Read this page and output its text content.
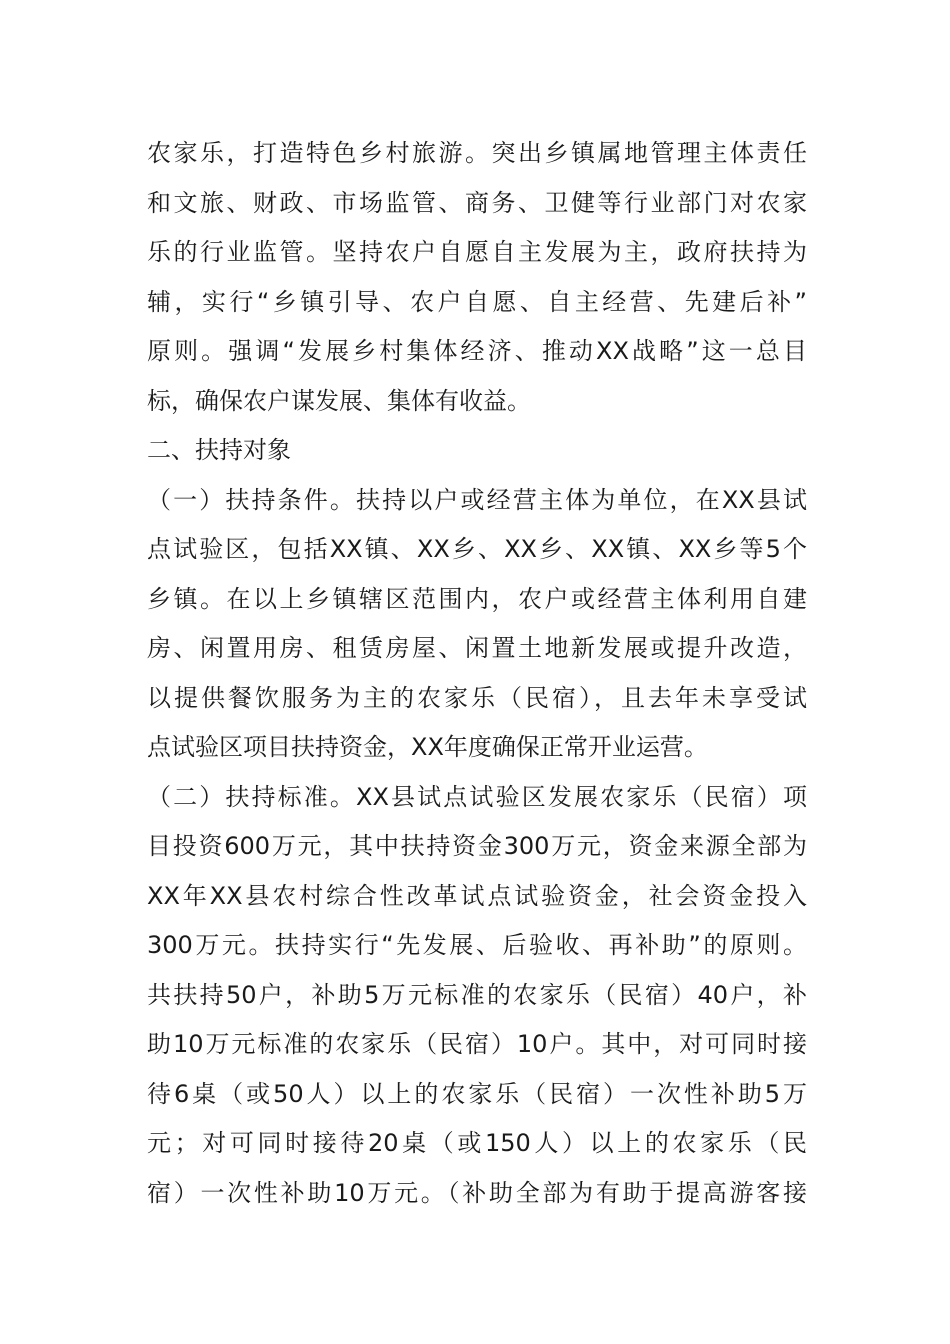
农家乐，打造特色乡村旅游。突出乡镇属地管理主体责任
和文旅、财政、市场监管、商务、卫健等行业部门对农家
乐的行业监管。坚持农户自愿自主发展为主，政府扶持为
辅，实行“乡镇引导、农户自愿、自主经营、先建后补”
原则。强调“发展乡村集体经济、推动XX战略”这一总目
标，确保农户谋发展、集体有收益。
二、扶持对象
（一）扶持条件。扶持以户或经营主体为单位，在XX县试
点试验区，包括XX镇、XX乡、XX乡、XX镇、XX乡等5个
乡镇。在以上乡镇辖区范围内，农户或经营主体利用自建
房、闲置用房、租赁房屋、闲置土地新发展或提升改造，
以提供餐饮服务为主的农家乐（民宿），且去年未享受试
点试验区项目扶持资金，XX年度确保正常开业运营。
（二）扶持标准。XX县试点试验区发展农家乐（民宿）项
目投资600万元，其中扶持资金300万元，资金来源全部为
XX年XX县农村综合性改革试点试验资金，社会资金投入
300万元。扶持实行“先发展、后验收、再补助”的原则。
共扶持50户，补助5万元标准的农家乐（民宿）40户，补
助10万元标准的农家乐（民宿）10户。其中，对可同时接
待6桌（或50人）以上的农家乐（民宿）一次性补助5万
元；对可同时接待20桌（或150人）以上的农家乐（民
宿）一次性补助10万元。（补助全部为有助于提高游客接
